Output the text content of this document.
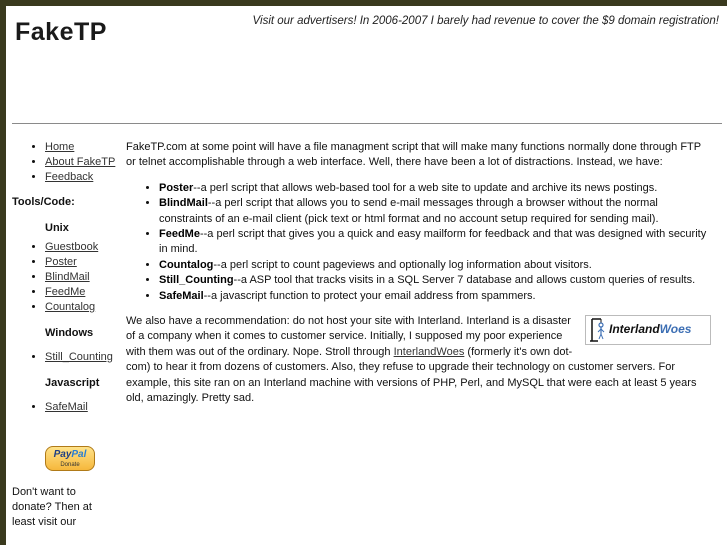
FakeTP	Visit our advertisers! In 2006-2007 I barely had revenue to cover the $9 domain registration!
• Home
• About FakeTP
• Feedback
Tools/Code:
Unix
• Guestbook
• Poster
• BlindMail
• FeedMe
• Countalog
Windows
• Still_Counting
Javascript
• SafeMail
PayPal
Donate
Don't want to donate? Then at least visit our

FakeTP.com at some point will have a file managment script that will make many functions normally done through FTP or telnet accomplishable through a web interface. Well, there have been a lot of distractions. Instead, we have:

• Poster--a perl script that allows web-based tool for a web site to update and archive its news postings.
• BlindMail--a perl script that allows you to send e-mail messages through a browser without the normal constraints of an e-mail client (pick text or html format and no account setup required for sending mail).
• FeedMe--a perl script that gives you a quick and easy mailform for feedback and that was designed with security in mind.
• Countalog--a perl script to count pageviews and optionally log information about visitors.
• Still_Counting--a ASP tool that tracks visits in a SQL Server 7 database and allows custom queries of results.
• SafeMail--a javascript function to protect your email address from spammers.
InterlandWoes

We also have a recommendation: do not host your site with Interland. Interland is a disaster of a company when it comes to customer service. Initially, I supposed my poor experience with them was out of the ordinary. Nope. Stroll through InterlandWoes (formerly it's own dot-com) to hear it from dozens of customers. Also, they refuse to upgrade their technology on customer servers. For example, this site ran on an Interland machine with versions of PHP, Perl, and MySQL that were each at least 5 years old, amazingly. Pretty sad.
